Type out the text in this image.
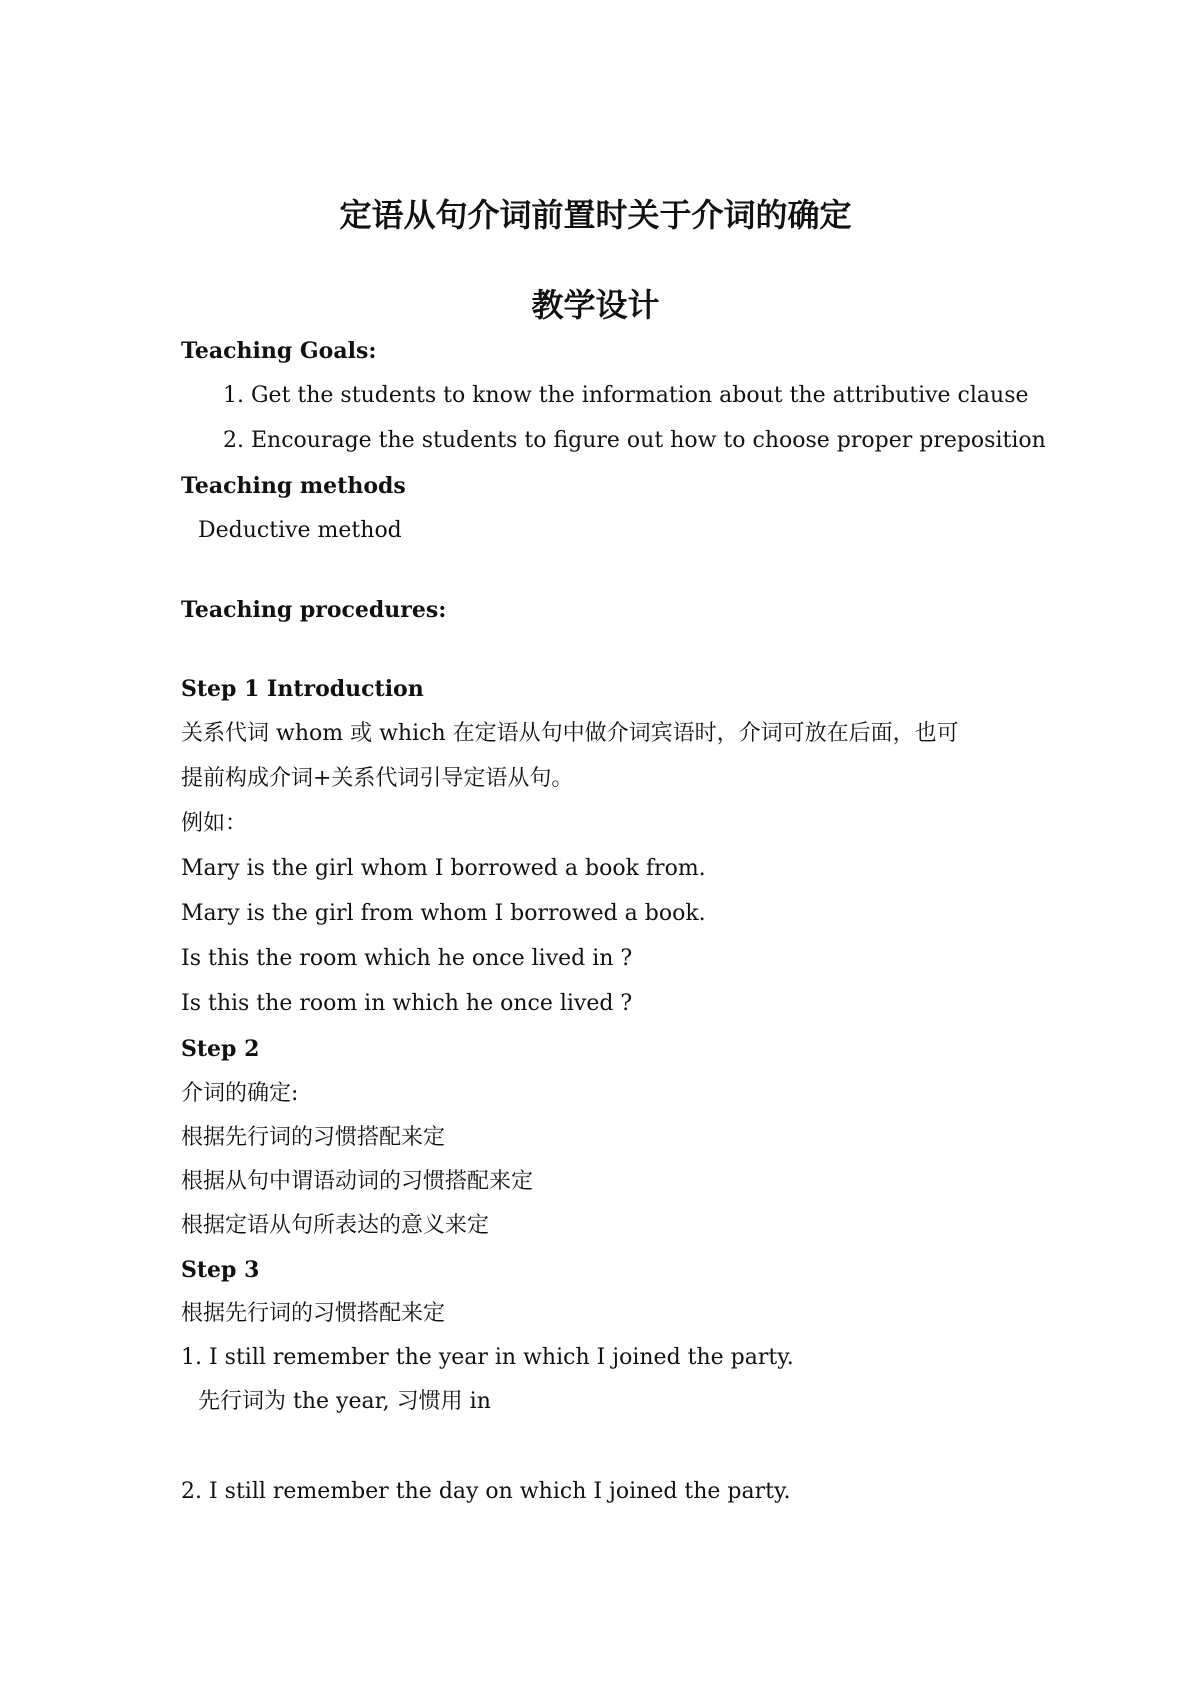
定语从句介词前置时关于介词的确定
教学设计
Teaching Goals:
1. Get the students to know the information about the attributive clause
2. Encourage the students to figure out how to choose proper preposition
Teaching methods
Deductive method
Teaching procedures:
Step 1 Introduction
关系代词 whom 或 which 在定语从句中做介词宾语时，介词可放在后面，也可
提前构成介词+关系代词引导定语从句。
例如：
Mary is the girl whom I borrowed a book from.
Mary is the girl from whom I borrowed a book.
Is this the room which he once lived in ?
Is this the room in which he once lived ?
Step 2
介词的确定:
根据先行词的习惯搭配来定
根据从句中谓语动词的习惯搭配来定
根据定语从句所表达的意义来定
Step 3
根据先行词的习惯搭配来定
1. I still remember the year in which I joined the party.
先行词为 the year, 习惯用 in
2. I still remember the day on which I joined the party.
